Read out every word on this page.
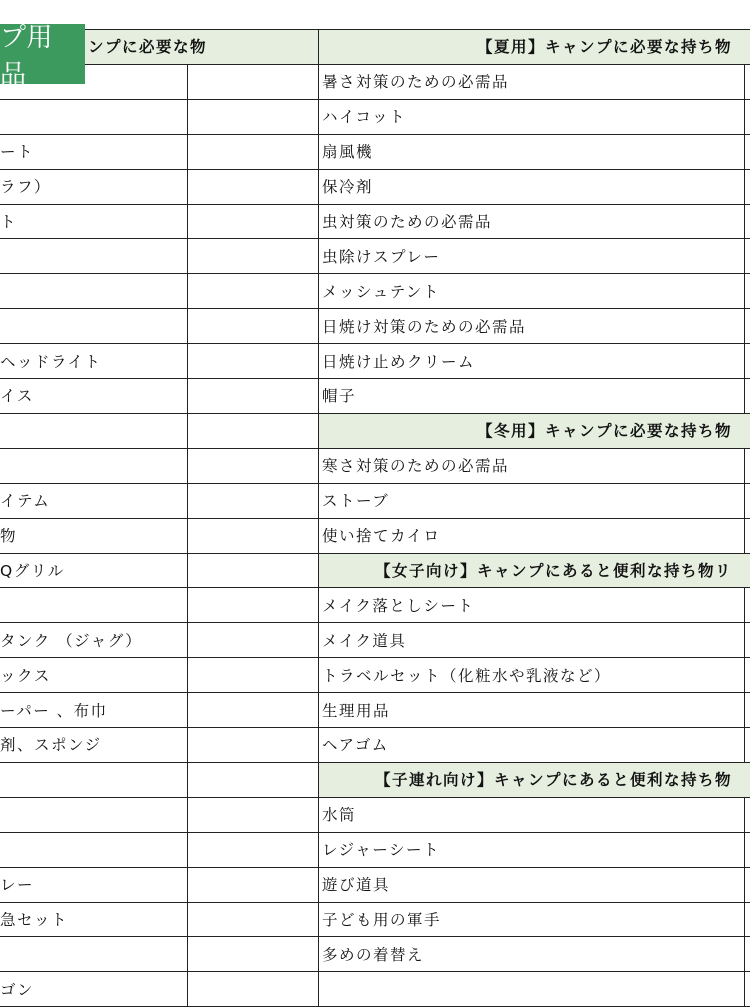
ンプに必要な物
ート
ラフ）
ト
ヘッドライト
イス
イテム
物
Qグリル
タンク （ジャグ）
ックス
ーパー 、布巾
剤、スポンジ
レー
急セット
ゴン
【夏用】キャンプに必要な持ち物
暑さ対策のための必需品
ハイコット
扇風機
保冷剤
虫対策のための必需品
虫除けスプレー
メッシュテント
日焼け対策のための必需品
日焼け止めクリーム
帽子
【冬用】キャンプに必要な持ち物
寒さ対策のための必需品
ストーブ
使い捨てカイロ
【女子向け】キャンプにあると便利な持ち物リ
メイク落としシート
メイク道具
トラベルセット（化粧水や乳液など）
生理用品
ヘアゴム
【子連れ向け】キャンプにあると便利な持ち物
水筒
レジャーシート
遊び道具
子ども用の軍手
多めの着替え
プ用品
